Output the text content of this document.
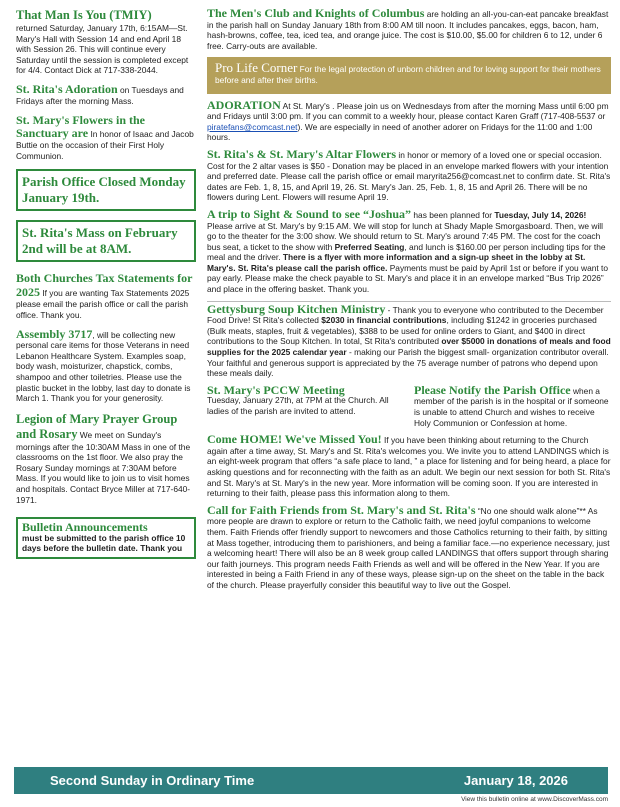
That Man Is You (TMIY)
returned Saturday, January 17th, 6:15AM—St. Mary's Hall with Session 14 and end April 18 with Session 26. This will continue every Saturday until the session is completed except for 4/4. Contact Dick at 717-338-2044.
St. Rita's Adoration on Tuesdays and Fridays after the morning Mass.
St. Mary's Flowers in the Sanctuary are In honor of Isaac and Jacob Buttie on the occasion of their First Holy Communion.
Parish Office Closed Monday January 19th.
St. Rita's Mass on February 2nd will be at 8AM.
Both Churches Tax Statements for 2025 If you are wanting Tax Statements 2025 please email the parish office or call the parish office. Thank you.
Assembly 3717, will be collecting new personal care items for those Veterans in need Lebanon Healthcare System. Examples soap, body wash, moisturizer, chapstick, combs, shampoo and other toiletries. Please use the plastic bucket in the lobby, last day to donate is March 1. Thank you for your generosity.
Legion of Mary Prayer Group and Rosary We meet on Sunday's mornings after the 10:30AM Mass in one of the classrooms on the 1st floor. We also pray the Rosary Sunday mornings at 7:30AM before Mass. If you would like to join us to visit homes and hospitals. Contact Bryce Miller at 717-640-1971.
Bulletin Announcements
must be submitted to the parish office 10 days before the bulletin date. Thank you
The Men's Club and Knights of Columbus are holding an all-you-can-eat pancake breakfast in the parish hall on Sunday January 18th from 8:00 AM till noon. It includes pancakes, eggs, bacon, ham, hash-browns, coffee, tea, iced tea, and orange juice. The cost is $10.00, $5.00 for children 6 to 12, under 6 free. Carry-outs are available.
Pro Life Corner For the legal protection of unborn children and for loving support for their mothers before and after their births.
ADORATION At St. Mary's . Please join us on Wednesdays from after the morning Mass until 6:00 pm and Fridays until 3:00 pm. If you can commit to a weekly hour, please contact Karen Graff (717-408-5537 or piratefans@comcast.net). We are especially in need of another adorer on Fridays for the 11:00 and 1:00 hours.
St. Rita's & St. Mary's Altar Flowers in honor or memory of a loved one or special occasion. Cost for the 2 altar vases is $50 - Donation may be placed in an envelope marked flowers with your intention and preferred date. Please call the parish office or email maryrita256@comcast.net to confirm date. St. Rita's dates are Feb. 1, 8, 15, and April 19, 26. St. Mary's Jan. 25, Feb. 1, 8, 15 and April 26. There will be no flowers during Lent. Flowers will resume April 19.
A trip to Sight & Sound to see “Joshua” has been planned for Tuesday, July 14, 2026! Please arrive at St. Mary's by 9:15 AM. We will stop for lunch at Shady Maple Smorgasboard. Then, we will go to the theater for the 3:00 show. We should return to St. Mary's around 7:45 PM. The cost for the coach bus seat, a ticket to the show with Preferred Seating, and lunch is $160.00 per person including tips for the meal and the driver. There is a flyer with more information and a sign-up sheet in the lobby at St. Mary's. St. Rita's please call the parish office. Payments must be paid by April 1st or before if you want to pay early. Please make the check payable to St. Mary's and place it in an envelope marked “Bus Trip 2026” and place in the offering basket. Thank you.
Gettysburg Soup Kitchen Ministry - Thank you to everyone who contributed to the December Food Drive! St Rita's collected $2030 in financial contributions, including $1242 in groceries purchased (Bulk meats, staples, fruit & vegetables), $388 to be used for online orders to Giant, and $400 in direct contributions to the Soup Kitchen. In total, St Rita's contributed over $5000 in donations of meals and food supplies for the 2025 calendar year - making our Parish the biggest small- organization contributor overall. Your faithful and generous support is appreciated by the 75 average number of patrons who depend upon these meals daily.
St. Mary's PCCW Meeting
Tuesday, January 27th, at 7PM at the Church. All ladies of the parish are invited to attend.
Please Notify the Parish Office when a member of the parish is in the hospital or if someone is unable to attend Church and wishes to receive Holy Communion or Confession at home.
Come HOME! We've Missed You! If you have been thinking about returning to the Church again after a time away, St. Mary's and St. Rita's welcomes you. We invite you to attend LANDINGS which is an eight-week program that offers “a safe place to land, ” a place for listening and for being heard, a place for asking questions and for reconnecting with the faith as an adult. We begin our next session for both St. Rita's and St. Mary's at St. Mary's in the new year. More information will be coming soon. If you are interested in returning to their faith, please pass this information along to them.
Call for Faith Friends from St. Mary's and St. Rita's “No one should walk alone”** As more people are drawn to explore or return to the Catholic faith, we need joyful companions to welcome them. Faith Friends offer friendly support to newcomers and those Catholics returning to their faith, by sitting at Mass together, introducing them to parishioners, and being a familiar face.—no experience necessary, just a welcoming heart! There will also be an 8 week group called LANDINGS that offers support through sharing our faith journeys. This program needs Faith Friends as well and will be offered in the New Year. If you are interested in being a Faith Friend in any of these ways, please sign-up on the sheet on the table in the back of the church. Please prayerfully consider this beautiful way to live out the Gospel.
Second Sunday in Ordinary Time	January 18, 2026
View this bulletin online at www.DiscoverMass.com
